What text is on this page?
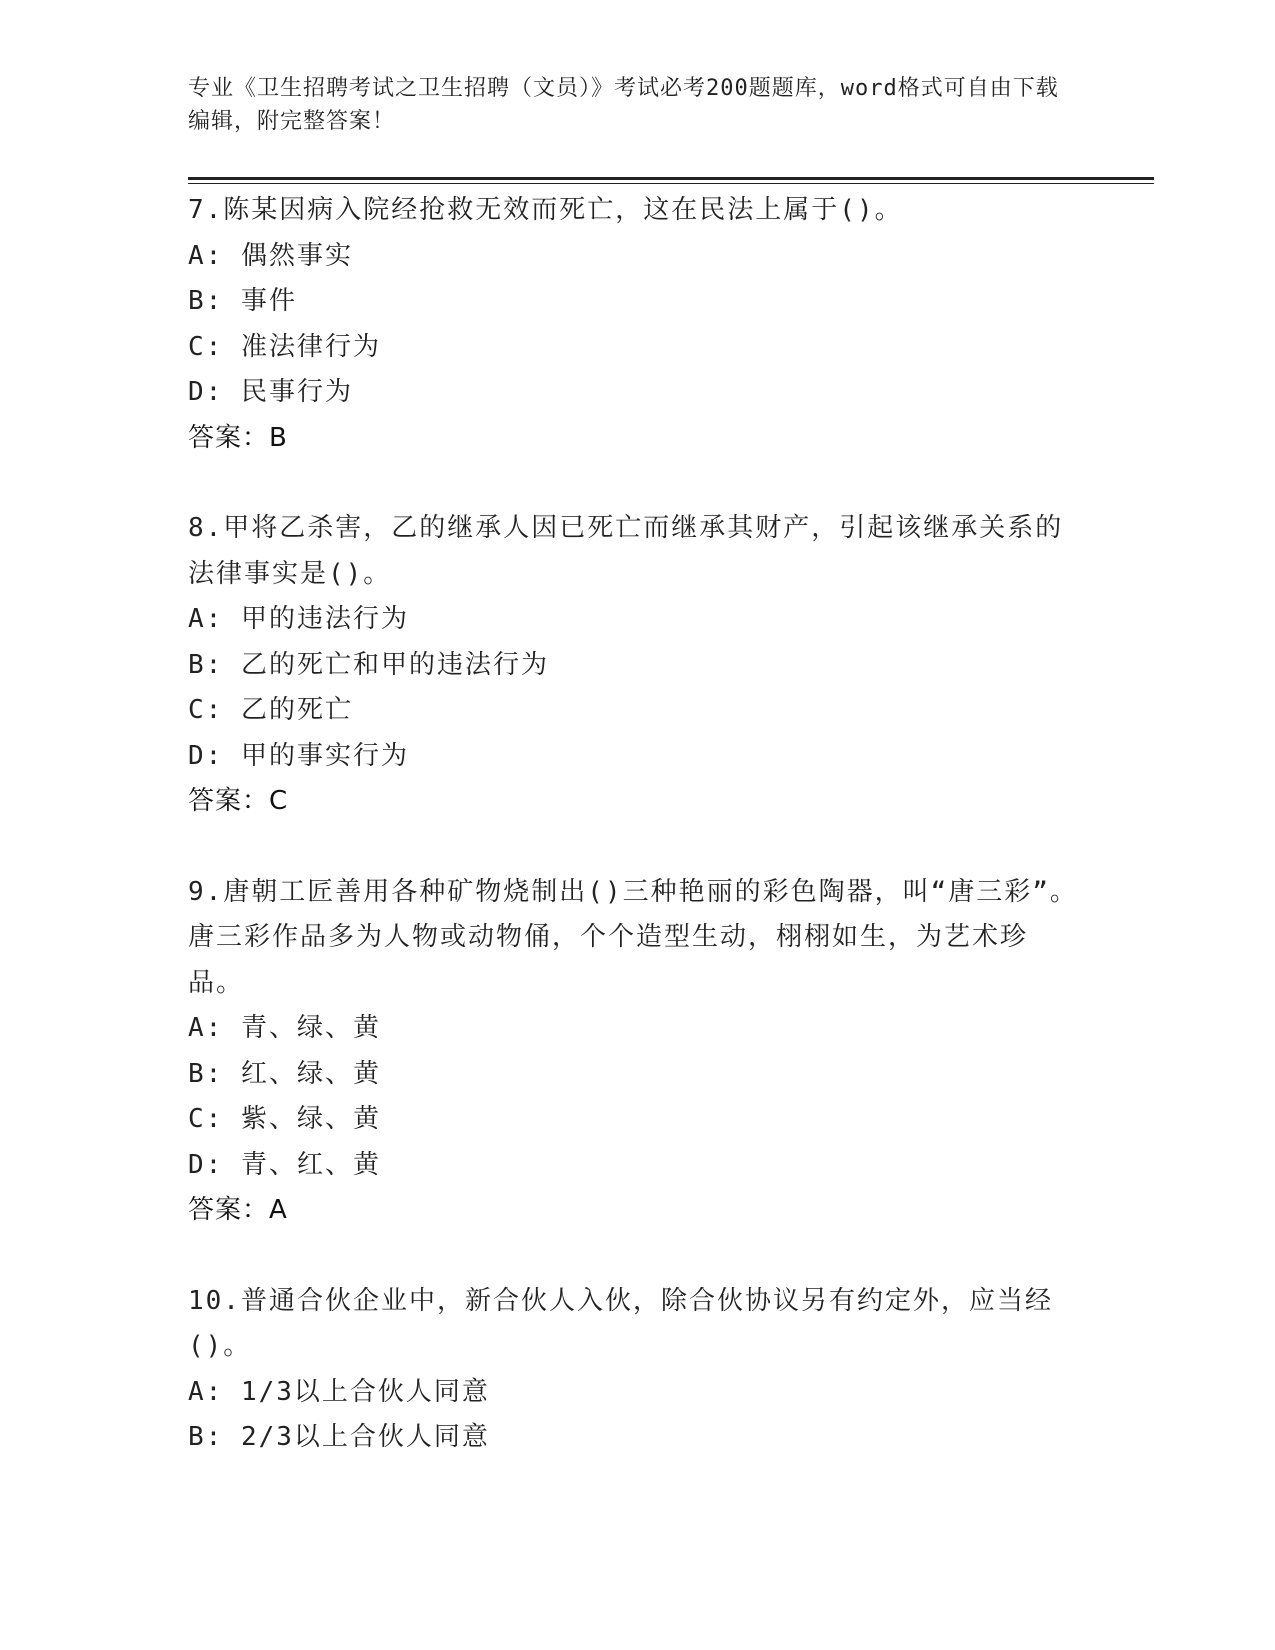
专业《卫生招聘考试之卫生招聘（文员）》考试必考200题题库，word格式可自由下载编辑，附完整答案！
7.陈某因病入院经抢救无效而死亡，这在民法上属于()。
A: 偶然事实
B: 事件
C: 准法律行为
D: 民事行为
答案：B
8.甲将乙杀害，乙的继承人因已死亡而继承其财产，引起该继承关系的法律事实是()。
A: 甲的违法行为
B: 乙的死亡和甲的违法行为
C: 乙的死亡
D: 甲的事实行为
答案：C
9.唐朝工匠善用各种矿物烧制出()三种艳丽的彩色陶器，叫“唐三彩”。唐三彩作品多为人物或动物俑，个个造型生动，栩栩如生，为艺术珍品。
A: 青、绿、黄
B: 红、绿、黄
C: 紫、绿、黄
D: 青、红、黄
答案：A
10.普通合伙企业中，新合伙人入伙，除合伙协议另有约定外，应当经()。
A: 1/3以上合伙人同意
B: 2/3以上合伙人同意
